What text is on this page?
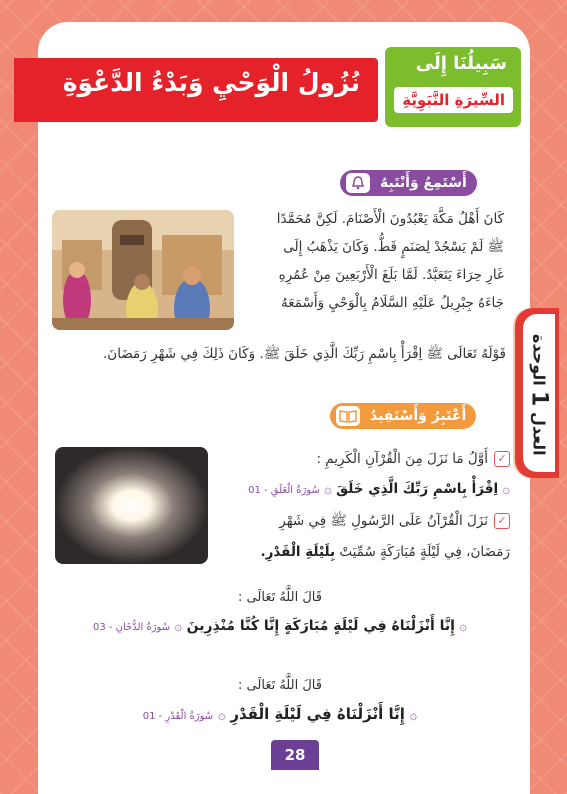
نُزُولُ الْوَحْيِ وَبَدْءُ الدَّعْوَةِ
سَبِيلُنَا إِلَى
السِّيرَةِ النَّبَوِيَّةِ
الوحدة

1

العدل
أَسْتَمِعُ وَأَنْتَبِهُ
كَانَ أَهْلُ مَكَّةَ يَعْبُدُونَ الْأَصْنَامَ. لَكِنَّ مُحَمَّدًا
ﷺ لَمْ يَسْجُدْ لِصَنَمٍ قَطُّ. وَكَانَ يَذْهَبُ إِلَى
غَارِ حِرَاءَ يَتَعَبَّدُ. لَمَّا بَلَغَ الْأَرْبَعِينَ مِنْ عُمُرِهِ
جَاءَهُ جِبْرِيلُ عَلَيْهِ السَّلَامُ بِالْوَحْيِ وَأَسْمَعَهُ
قَوْلَهُ تَعَالَى ﷺ اِقْرَأْ بِاسْمِ رَبِّكَ الَّذِي خَلَقَ ﷺ. وَكَانَ ذَلِكَ فِي شَهْرِ رَمَضَانَ.
أَعْتَبِرُ وَأَسْتَفِيدُ
✓أَوَّلُ مَا نَزَلَ مِنَ الْقُرْآنِ الْكَرِيمِ :
۞ اِقْرَأْ بِاسْمِ رَبِّكَ الَّذِي خَلَقَ ۞ سُورَةُ الْعَلَقِ - 01
✓نَزَلَ الْقُرْآنُ عَلَى الرَّسُولِ ﷺ فِي شَهْرِ
رَمَضَانَ، فِي لَيْلَةٍ مُبَارَكَةٍ سُمِّيَتْ بِلَيْلَةِ الْقَدْرِ.
قَالَ اللَّهُ تَعَالَى :
۞ إِنَّا أَنْزَلْنَاهُ فِي لَيْلَةٍ مُبَارَكَةٍ إِنَّا كُنَّا مُنْذِرِينَ ۞ سُورَةُ الدُّخَانِ - 03
قَالَ اللَّهُ تَعَالَى :
۞ إِنَّا أَنْزَلْنَاهُ فِي لَيْلَةِ الْقَدْرِ ۞ سُورَةُ الْقَدْرِ - 01
28
